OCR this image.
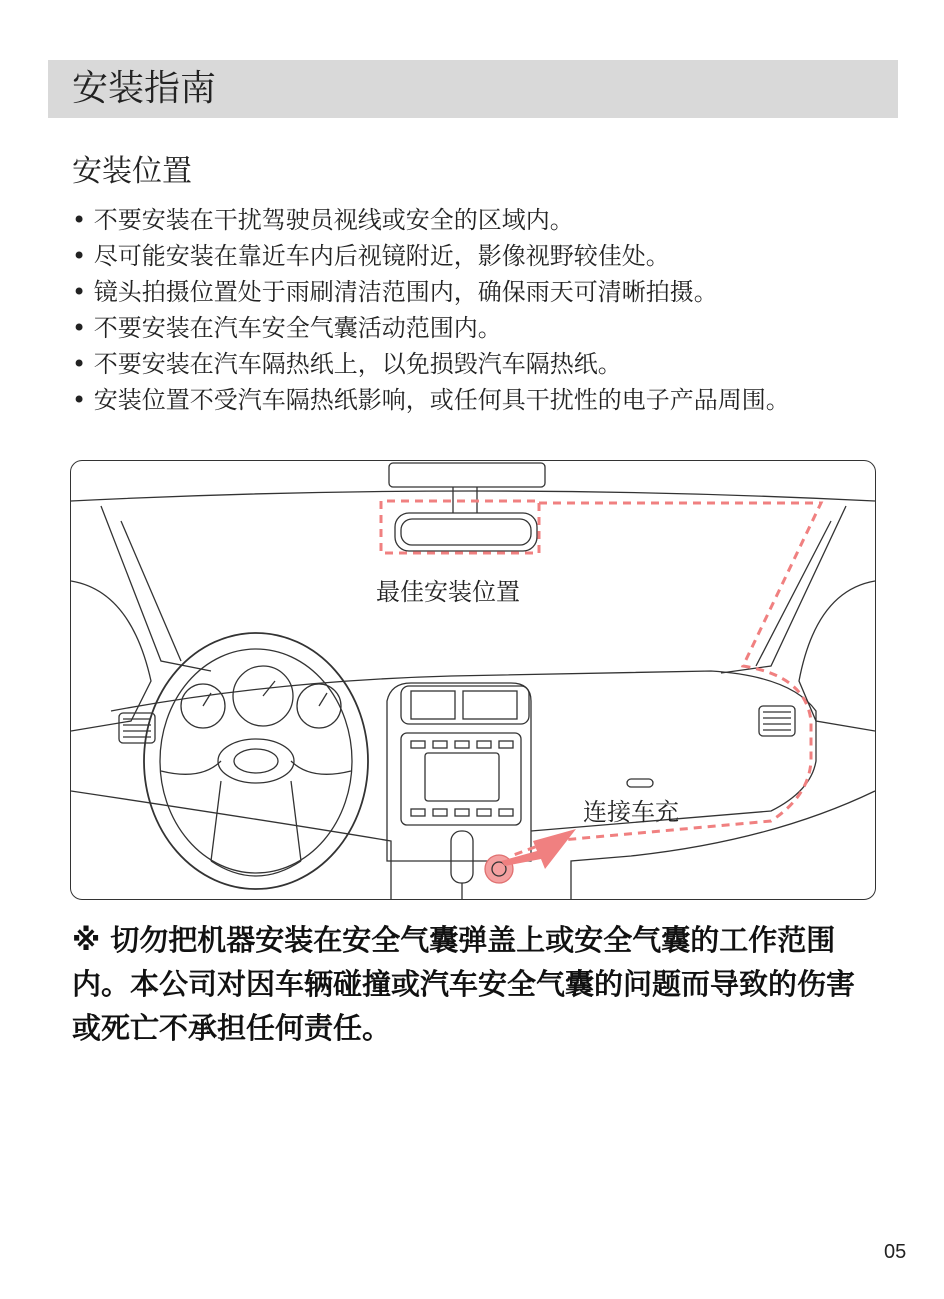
安装指南
安装位置
• 不要安装在干扰驾驶员视线或安全的区域内。
• 尽可能安装在靠近车内后视镜附近，影像视野较佳处。
• 镜头拍摄位置处于雨刷清洁范围内，确保雨天可清晰拍摄。
• 不要安装在汽车安全气囊活动范围内。
• 不要安装在汽车隔热纸上，以免损毁汽车隔热纸。
• 安装位置不受汽车隔热纸影响，或任何具干扰性的电子产品周围。
最佳安装位置
连接车充
※ 切勿把机器安装在安全气囊弹盖上或安全气囊的工作范围内。本公司对因车辆碰撞或汽车安全气囊的问题而导致的伤害或死亡不承担任何责任。
05
